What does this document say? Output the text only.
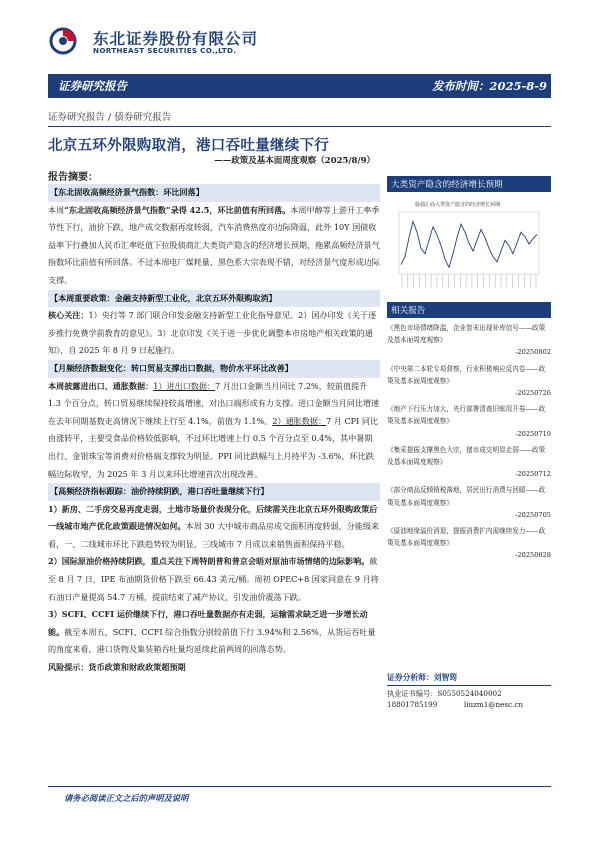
东北证券股份有限公司
NORTHEAST SECURITIES CO.,LTD.
证券研究报告	发布时间：2025-8-9
证券研究报告 / 债券研究报告
北京五环外限购取消，港口吞吐量继续下行
——政策及基本面周度观察（2025/8/9）
报告摘要：

【东北固收高频经济景气指数：环比回落】

本周“东北固收高频经济景气指数”录得 42.5，环比前值有所回落。本周甲醇等上游开工率季节性下行，油价下跌，地产成交数据再度转弱，汽车消费热度亦边际降温，此外 10Y 国债收益率下行叠加人民币汇率贬值下拉股债商汇大类资产隐含的经济增长预期，拖累高频经济景气指数环比前值有所回落。不过本周电厂煤耗量、黑色系大宗表现不错，对经济景气度形成边际支撑。

【本周重要政策：金融支持新型工业化，北京五环外限购取消】

核心关注：1）央行等 7 部门联合印发金融支持新型工业化指导意见。2）国办印发《关于逐步推行免费学前教育的意见》。3）北京印发《关于进一步优化调整本市房地产相关政策的通知》，自 2025 年 8 月 9 日起施行。

【月频经济数据变化：转口贸易支撑出口数据，物价水平环比改善】

本周披露进出口、通胀数据：1）进出口数据：7 月出口金额当月同比 7.2%，较前值提升 1.3 个百分点，转口贸易继续保持较高增速，对出口端形成有力支撑。进口金额当月同比增速在去年同期基数走高情况下继续上行至 4.1%，前值为 1.1%。2）通胀数据：7 月 CPI 同比由涨转平，主要受食品价格较低影响，不过环比增速上行 0.5 个百分点至 0.4%，其中暑期出行、金银珠宝等消费对价格端支撑较为明显。PPI 同比跌幅与上月持平为 -3.6%，环比跌幅边际收窄，为 2025 年 3 月以来环比增速首次出现改善。

【高频经济指标跟踪：油价持续阴跌，港口吞吐量继续下行】

1）新房、二手房交易再度走弱，土地市场量价表现分化，后续需关注北京五环外限购政策后一线城市地产优化政策跟进情况如何。本周 30 大中城市商品房成交面积再度转弱，分能级来看，一、二线城市环比下跌趋势较为明显，三线城市 7 月成以来销售面积保持平稳。

2）国际原油价格持续阴跌，重点关注下周特朗普和普京会晤对原油市场情绪的边际影响。截至 8 月 7 日，IPE 布油期货价格下跌至 66.43 美元/桶。周初 OPEC+8 国家同意在 9 月将石油日产量提高 54.7 万桶，提前结束了减产协议，引发油价震荡下跌。

3）SCFI、CCFI 运价继续下行，港口吞吐量数据亦有走弱，运输需求缺乏进一步增长动能。截至本周五，SCFI、CCFI 综合指数分别较前值下行 3.94%和 2.56%，从货运吞吐量的角度来看，港口货物及集装箱吞吐量均延续此前两周的回落态势。

风险提示：货币政策和财政政策超预期

大类资产隐含的经济增长预期
股债汇商大类资产隐含的经济增长预期
相关报告
《黑色市场情绪降温，企业智未出现补库信号——政策及基本面周度观察》
-20250802
《中央第二本轮专项督察，行业积极响应反内卷——政策及基本面周度观察》
-20250726
《地产下行压力加大，央行部署清查旧账用开券——政策及基本面周度观察》
-20250719
《集采提振支撑黑色大宗，猪市成交明显走弱——政策及基本面周度观察》
-20250712
《部分商品反倾销税落地，居民出行消费与回暖——政策及基本面周度观察》
-20250705
《原油地缘溢价消退，提振消费扩内需继续发力——政策及基本面周度观察》
-20250628
证券分析师：刘智筠
执业证书编号：S0550524040002
18801785199	liuzm1@nesc.cn
请务必阅读正文之后的声明及说明
